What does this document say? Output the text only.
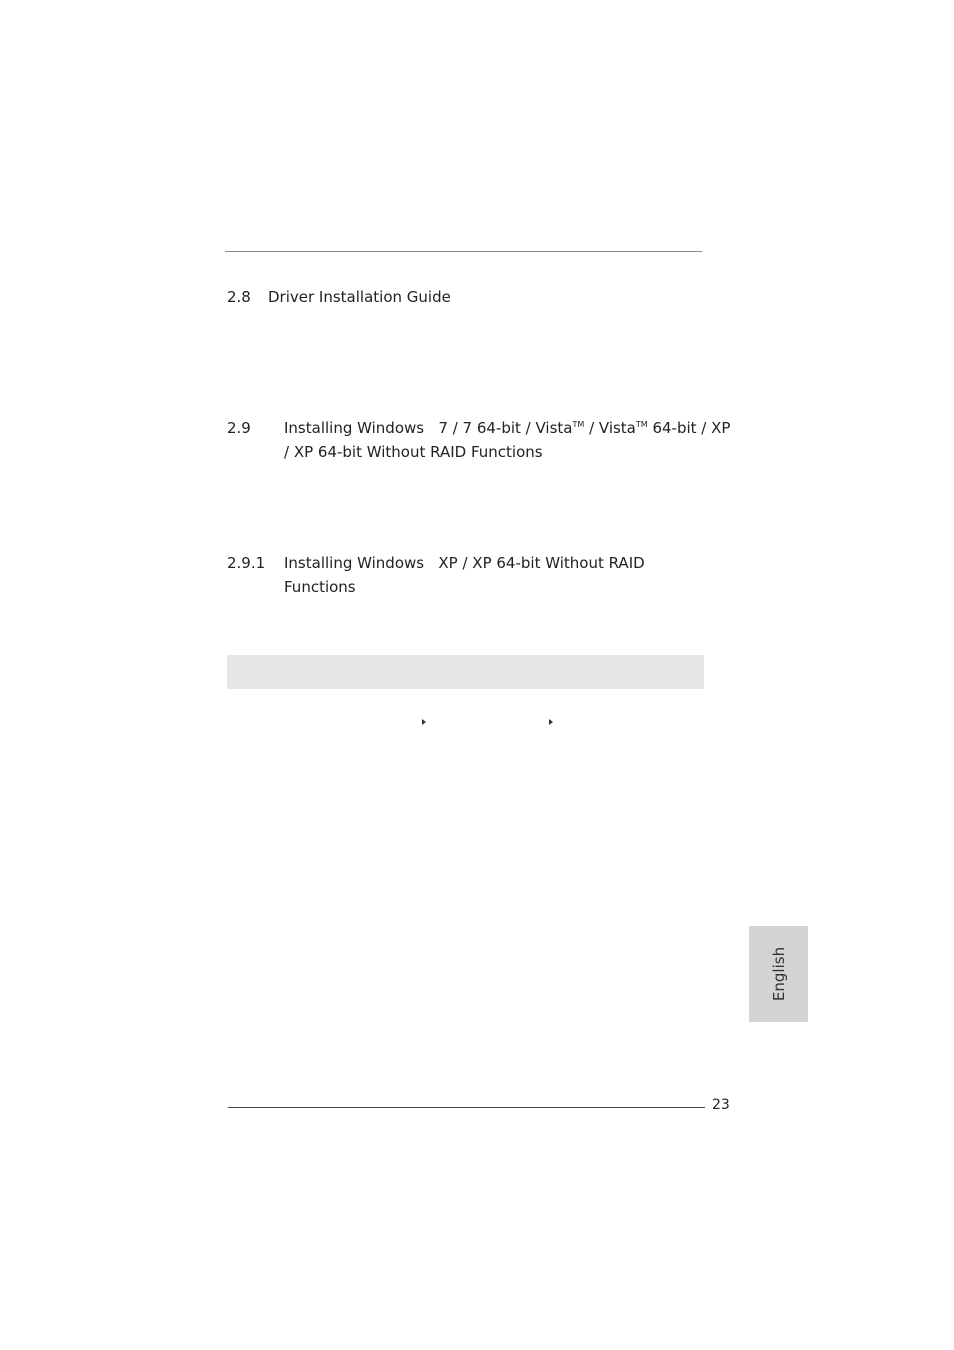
2.8 Driver Installation Guide
2.9 Installing Windows 7 / 7 64-bit / Vista™ / Vista™ 64-bit / XP
/ XP 64-bit Without RAID Functions
2.9.1 Installing Windows XP / XP 64-bit Without RAID
Functions
English
23
